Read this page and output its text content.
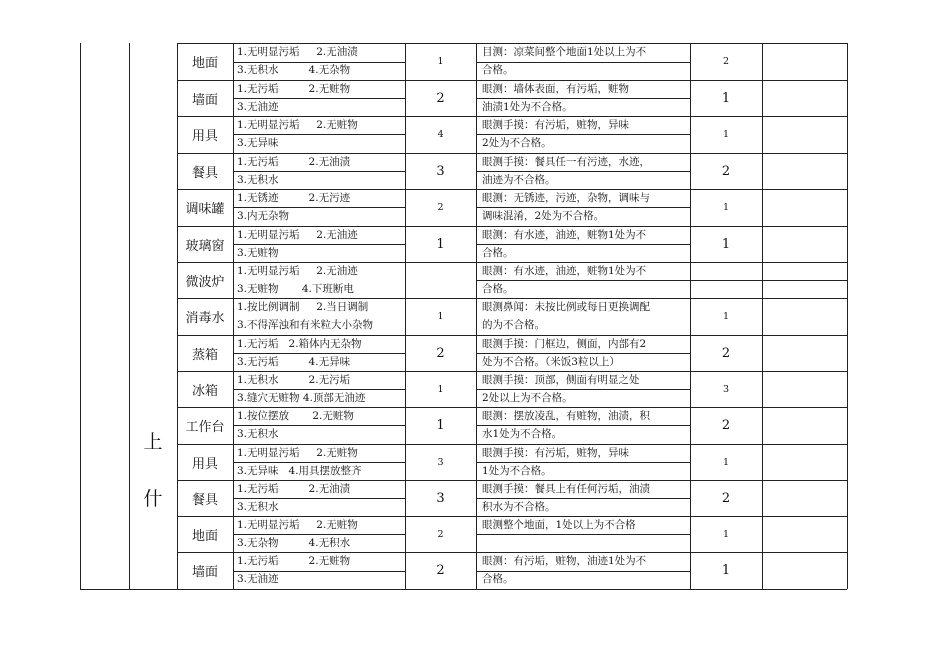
地面
1.无明显污垢     2.无油渍
3.无积水         4.无杂物
1
目测：凉菜间整个地面1处以上为不
合格。
2
墙面
1.无污垢         2.无赃物
3.无油迹
2
眼测：墙体表面，有污垢，赃物
油渍1处为不合格。
1
用具
1.无明显污垢     2.无赃物
3.无异味
4
眼测手摸：有污垢，赃物，异味
2处为不合格。
1
餐具
1.无污垢         2.无油渍
3.无积水
3
眼测手摸：餐具任一有污迹，水迹，
油迹为不合格。
2
调味罐
1.无锈迹         2.无污迹
3.内无杂物
2
眼测：无锈迹，污迹，杂物，调味与
调味混淆，2处为不合格。
1
玻璃窗
1.无明显污垢     2.无油迹
3.无赃物
1
眼测：有水迹，油迹，赃物1处为不
合格。
1
微波炉
1.无明显污垢     2.无油迹
3.无赃物       4.下班断电
眼测：有水迹，油迹，赃物1处为不
合格。
消毒水
1.按比例调制     2.当日调制
3.不得浑浊和有米粒大小杂物
1
眼测鼻闻：未按比例或每日更换调配
的为不合格。
1
蒸箱
1.无污垢   2.箱体内无杂物
3.无污垢         4.无异味
2
眼测手摸：门框边，侧面，内部有2
处为不合格。（米饭3粒以上）
2
冰箱
1.无积水         2.无污垢
3.缝穴无赃物 4.顶部无油迹
1
眼测手摸：顶部，侧面有明显之处
2处以上为不合格。
3
工作台
1.按位摆放       2.无赃物
3.无积水
1
眼测：摆放凌乱，有赃物，油渍，积
水1处为不合格。
2
用具
1.无明显污垢     2.无赃物
3.无异味   4.用具摆放整齐
3
眼测手摸：有污垢，赃物，异味
1处为不合格。
1
餐具
1.无污垢         2.无油渍
3.无积水
3
眼测手摸：餐具上有任何污垢，油渍
积水为不合格。
2
地面
1.无明显污垢     2.无赃物
3.无杂物         4.无积水
2
眼测整个地面，1处以上为不合格
1
墙面
1.无污垢         2.无赃物
3.无油迹
2
眼测：有污垢，赃物，油迹1处为不
合格。
1
上
什
